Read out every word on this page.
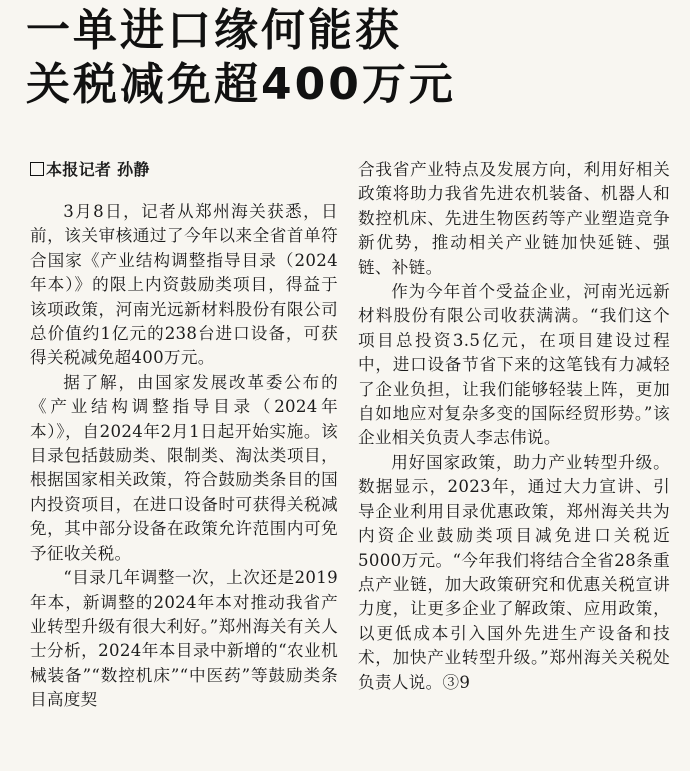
一单进口缘何能获
关税减免超400万元
本报记者 孙静

3月8日，记者从郑州海关获悉，日前，该关审核通过了今年以来全省首单符合国家《产业结构调整指导目录（2024年本）》的限上内资鼓励类项目，得益于该项政策，河南光远新材料股份有限公司总价值约1亿元的238台进口设备，可获得关税减免超400万元。

据了解，由国家发展改革委公布的《产业结构调整指导目录（2024年本）》，自2024年2月1日起开始实施。该目录包括鼓励类、限制类、淘汰类项目，根据国家相关政策，符合鼓励类条目的国内投资项目，在进口设备时可获得关税减免，其中部分设备在政策允许范围内可免予征收关税。

“目录几年调整一次，上次还是2019年本，新调整的2024年本对推动我省产业转型升级有很大利好。”郑州海关有关人士分析，2024年本目录中新增的“农业机械装备”“数控机床”“中医药”等鼓励类条目高度契

合我省产业特点及发展方向，利用好相关政策将助力我省先进农机装备、机器人和数控机床、先进生物医药等产业塑造竞争新优势，推动相关产业链加快延链、强链、补链。

作为今年首个受益企业，河南光远新材料股份有限公司收获满满。“我们这个项目总投资3.5亿元，在项目建设过程中，进口设备节省下来的这笔钱有力减轻了企业负担，让我们能够轻装上阵，更加自如地应对复杂多变的国际经贸形势。”该企业相关负责人李志伟说。

用好国家政策，助力产业转型升级。数据显示，2023年，通过大力宣讲、引导企业利用目录优惠政策，郑州海关共为内资企业鼓励类项目减免进口关税近5000万元。“今年我们将结合全省28条重点产业链，加大政策研究和优惠关税宣讲力度，让更多企业了解政策、应用政策，以更低成本引入国外先进生产设备和技术，加快产业转型升级。”郑州海关关税处负责人说。③9
